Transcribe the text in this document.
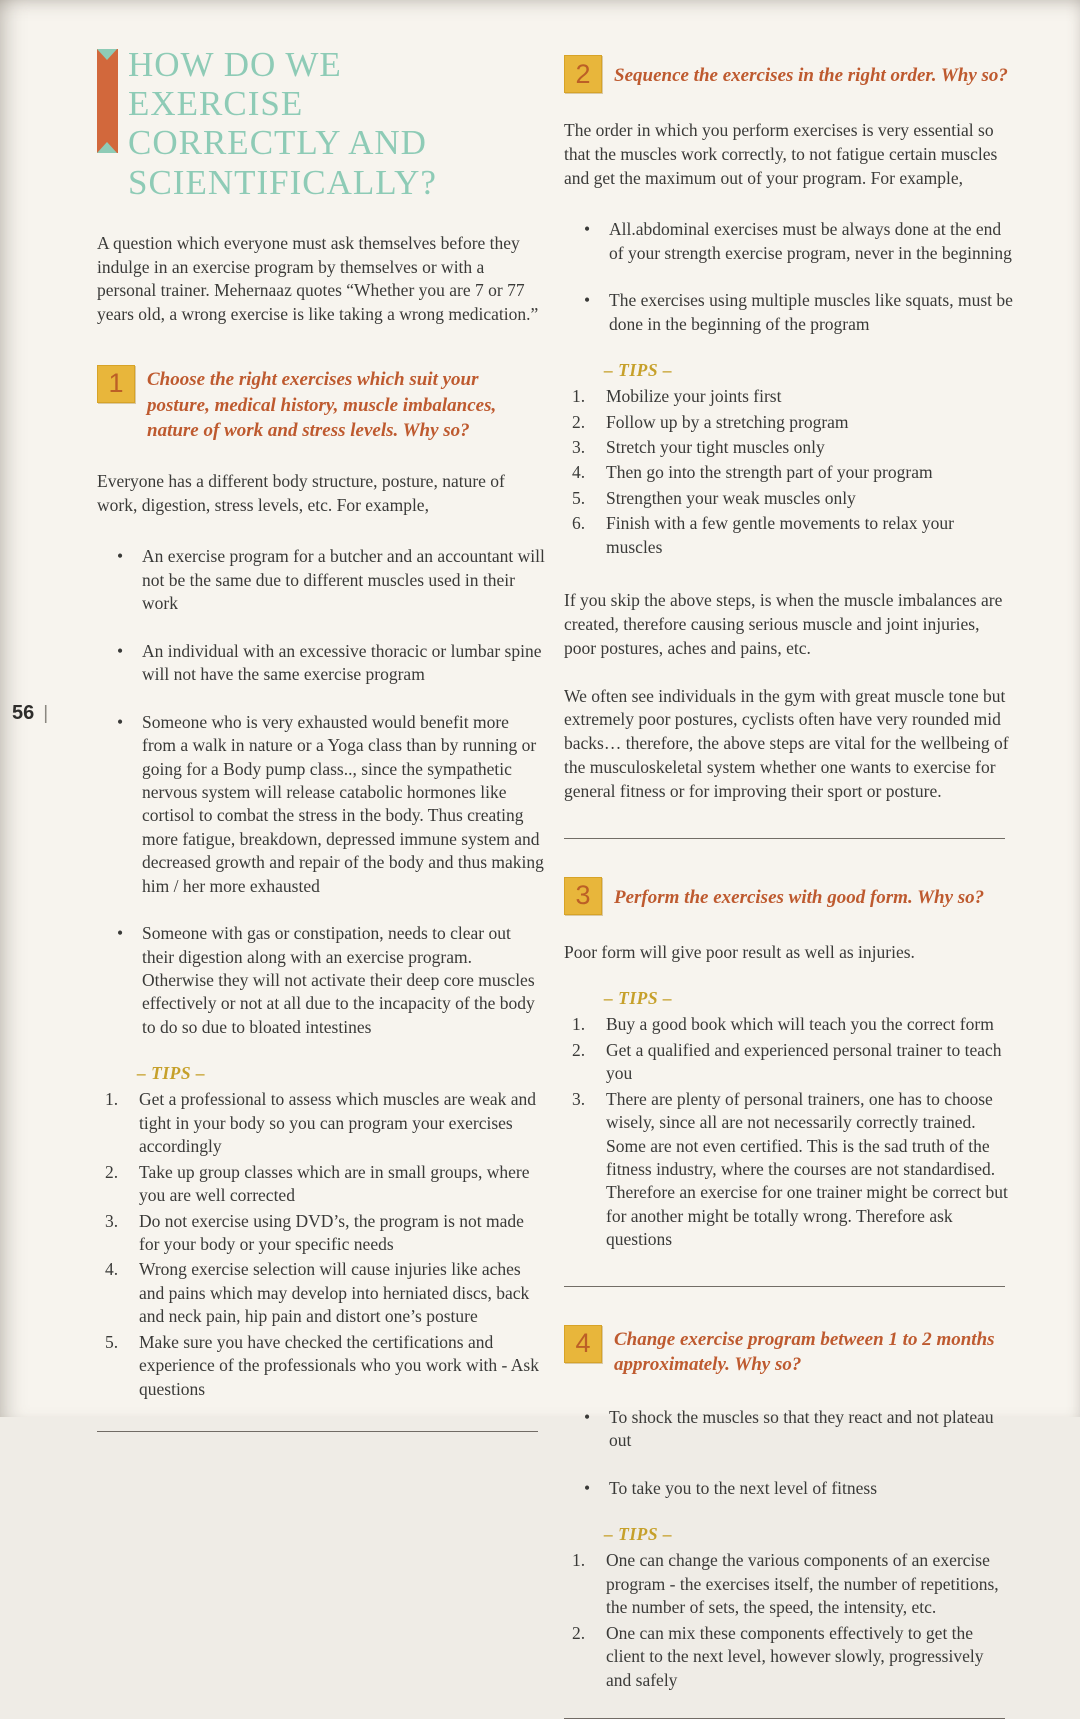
56 |
HOW DO WE EXERCISE CORRECTLY AND SCIENTIFICALLY?

A question which everyone must ask themselves before they indulge in an exercise program by themselves or with a personal trainer. Mehernaaz quotes “Whether you are 7 or 77 years old, a wrong exercise is like taking a wrong medication.”

1	Choose the right exercises which suit your posture, medical history, muscle imbalances, nature of work and stress levels. Why so?

Everyone has a different body structure, posture, nature of work, digestion, stress levels, etc. For example,

• An exercise program for a butcher and an accountant will not be the same due to different muscles used in their work
• An individual with an excessive thoracic or lumbar spine will not have the same exercise program
• Someone who is very exhausted would benefit more from a walk in nature or a Yoga class than by running or going for a Body pump class.., since the sympathetic nervous system will release catabolic hormones like cortisol to combat the stress in the body. Thus creating more fatigue, breakdown, depressed immune system and decreased growth and repair of the body and thus making him / her more exhausted
• Someone with gas or constipation, needs to clear out their digestion along with an exercise program. Otherwise they will not activate their deep core muscles effectively or not at all due to the incapacity of the body to do so due to bloated intestines
– TIPS –
Get a professional to assess which muscles are weak and tight in your body so you can program your exercises accordingly
Take up group classes which are in small groups, where you are well corrected
Do not exercise using DVD’s, the program is not made for your body or your specific needs
Wrong exercise selection will cause injuries like aches and pains which may develop into herniated discs, back and neck pain, hip pain and distort one’s posture
Make sure you have checked the certifications and experience of the professionals who you work with - Ask questions
2	Sequence the exercises in the right order. Why so?

The order in which you perform exercises is very essential so that the muscles work correctly, to not fatigue certain muscles and get the maximum out of your program. For example,

• All.abdominal exercises must be always done at the end of your strength exercise program, never in the beginning
• The exercises using multiple muscles like squats, must be done in the beginning of the program
– TIPS –
Mobilize your joints first
Follow up by a stretching program
Stretch your tight muscles only
Then go into the strength part of your program
Strengthen your weak muscles only
Finish with a few gentle movements to relax your muscles

If you skip the above steps, is when the muscle imbalances are created, therefore causing serious muscle and joint injuries, poor postures, aches and pains, etc.

We often see individuals in the gym with great muscle tone but extremely poor postures, cyclists often have very rounded mid backs… therefore, the above steps are vital for the wellbeing of the musculoskeletal system whether one wants to exercise for general fitness or for improving their sport or posture.

3	Perform the exercises with good form. Why so?

Poor form will give poor result as well as injuries.

– TIPS –
Buy a good book which will teach you the correct form
Get a qualified and experienced personal trainer to teach you
There are plenty of personal trainers, one has to choose wisely, since all are not necessarily correctly trained. Some are not even certified. This is the sad truth of the fitness industry, where the courses are not standardised. Therefore an exercise for one trainer might be correct but for another might be totally wrong. Therefore ask questions
4	Change exercise program between 1 to 2 months approximately. Why so?
• To shock the muscles so that they react and not plateau out
• To take you to the next level of fitness
– TIPS –
One can change the various components of an exercise program - the exercises itself, the number of repetitions, the number of sets, the speed, the intensity, etc.
One can mix these components effectively to get the client to the next level, however slowly, progressively and safely
